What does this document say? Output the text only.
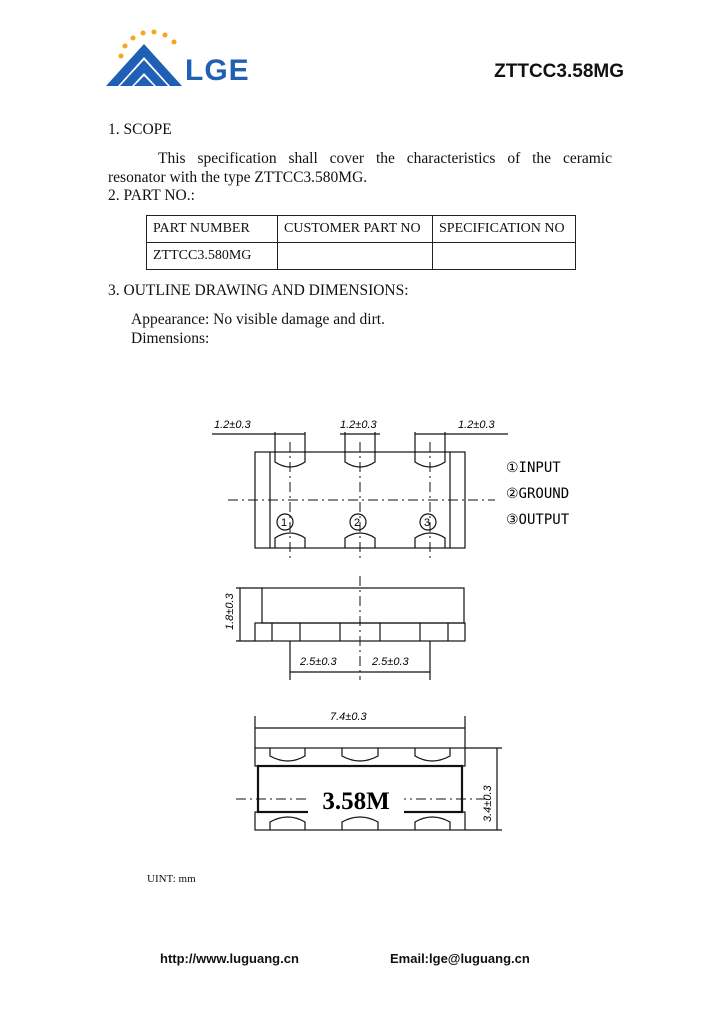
LGE	ZTTCC3.58MG
1. SCOPE
This specification shall cover the characteristics of the ceramic
resonator with the type ZTTCC3.580MG.
2. PART NO.:
PART NUMBER	CUSTOMER PART NO	SPECIFICATION NO
ZTTCC3.580MG		
3. OUTLINE DRAWING AND DIMENSIONS:
Appearance: No visible damage and dirt.
Dimensions:
1.2±0.3	1.2±0.3	1.2±0.3
1	2	3
①INPUT
②GROUND
③OUTPUT
1.8±0.3
2.5±0.3	2.5±0.3
7.4±0.3
3.4±0.3
3.58M
UINT: mm
http://www.luguang.cn	Email:lge@luguang.cn
